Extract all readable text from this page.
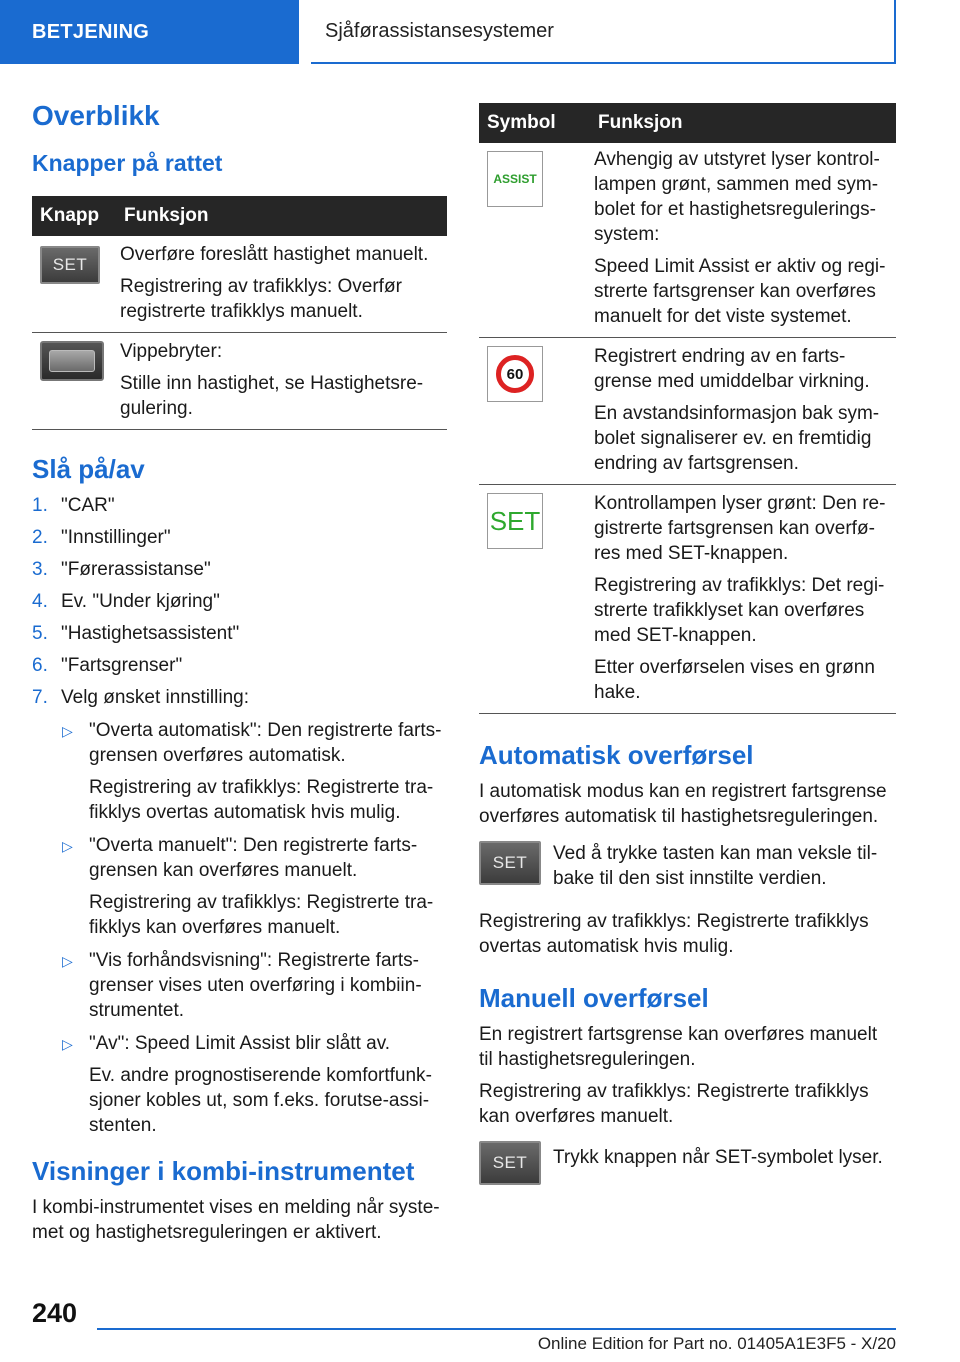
BETJENING	Sjåførassistansesystemer
Overblikk
Knapper på rattet
Knapp	Funksjon

SET	Overføre foreslått hastighet manuelt.

Registrering av trafikklys: Overfør registrerte trafikklys manuelt.

	Vippebryter:

Stille inn hastighet, se Hastighetsregulering.

Slå på/av
1. "CAR"
2. "Innstillinger"
3. "Førerassistanse"
4. Ev. "Under kjøring"
5. "Hastighetsassistent"
6. "Fartsgrenser"
7. Velg ønsket innstilling:
▷ "Overta automatisk": Den registrerte fartsgrensen overføres automatisk.

Registrering av trafikklys: Registrerte trafikklys overtas automatisk hvis mulig.

▷ "Overta manuelt": Den registrerte fartsgrensen kan overføres manuelt.

Registrering av trafikklys: Registrerte trafikklys kan overføres manuelt.

▷ "Vis forhåndsvisning": Registrerte fartsgrenser vises uten overføring i kombiinstrumentet.

▷ "Av": Speed Limit Assist blir slått av.

Ev. andre prognostiserende komfortfunksjoner kobles ut, som f.eks. forutse-assistenten.

Visninger i kombi-instrumentet

I kombi-instrumentet vises en melding når systemet og hastighetsreguleringen er aktivert.

Symbol	Funksjon

ASSIST	Avhengig av utstyret lyser kontrollampen grønt, sammen med symbolet for et hastighetsreguleringssystem:

Speed Limit Assist er aktiv og registrerte fartsgrenser kan overføres manuelt for det viste systemet.

60	Registrert endring av en fartsgrense med umiddelbar virkning.

En avstandsinformasjon bak symbolet signaliserer ev. en fremtidig endring av fartsgrensen.

SET	Kontrollampen lyser grønt: Den registrerte fartsgrensen kan overføres med SET-knappen.

Registrering av trafikklys: Det registrerte trafikklyset kan overføres med SET-knappen.

Etter overførselen vises en grønn hake.

Automatisk overførsel

I automatisk modus kan en registrert fartsgrense overføres automatisk til hastighetsreguleringen.

SET Ved å trykke tasten kan man veksle tilbake til den sist innstilte verdien.

Registrering av trafikklys: Registrerte trafikklys overtas automatisk hvis mulig.

Manuell overførsel

En registrert fartsgrense kan overføres manuelt til hastighetsreguleringen.

Registrering av trafikklys: Registrerte trafikklys kan overføres manuelt.

SET Trykk knappen når SET-symbolet lyser.

240
Online Edition for Part no. 01405A1E3F5 - X/20
